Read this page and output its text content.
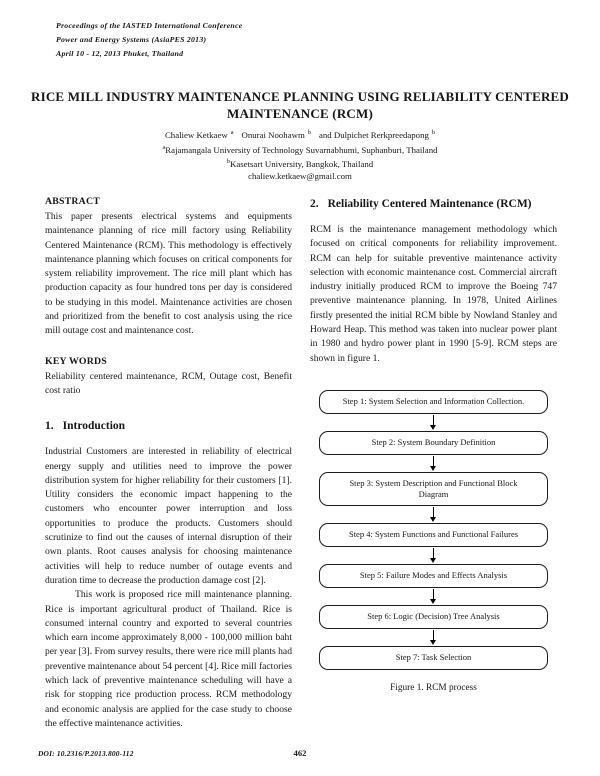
Proceedings of the IASTED International Conference
Power and Energy Systems (AsiaPES 2013)
April 10 - 12, 2013 Phuket, Thailand
RICE MILL INDUSTRY MAINTENANCE PLANNING USING RELIABILITY CENTERED MAINTENANCE (RCM)
Chaliew Ketkaew $^a$ Onurai Noohawm $^b$ and Dulpichet Rerkpreedapong $^b$
$^a$Rajamangala University of Technology Suvarnabhumi, Suphanburi, Thailand
$^b$Kasetsart University, Bangkok, Thailand
chaliew.ketkaew@gmail.com
ABSTRACT

This paper presents electrical systems and equipments maintenance planning of rice mill factory using Reliability Centered Maintenance (RCM). This methodology is effectively maintenance planning which focuses on critical components for system reliability improvement. The rice mill plant which has production capacity as four hundred tons per day is considered to be studying in this model. Maintenance activities are chosen and prioritized from the benefit to cost analysis using the rice mill outage cost and maintenance cost.

KEY WORDS

Reliability centered maintenance, RCM, Outage cost, Benefit cost ratio

1. Introduction

Industrial Customers are interested in reliability of electrical energy supply and utilities need to improve the power distribution system for higher reliability for their customers [1]. Utility considers the economic impact happening to the customers who encounter power interruption and loss opportunities to produce the products. Customers should scrutinize to find out the causes of internal disruption of their own plants. Root causes analysis for choosing maintenance activities will help to reduce number of outage events and duration time to decrease the production damage cost [2].

This work is proposed rice mill maintenance planning. Rice is important agricultural product of Thailand. Rice is consumed internal country and exported to several countries which earn income approximately 8,000 - 100,000 million baht per year [3]. From survey results, there were rice mill plants had preventive maintenance about 54 percent [4]. Rice mill factories which lack of preventive maintenance scheduling will have a risk for stopping rice production process. RCM methodology and economic analysis are applied for the case study to choose the effective maintenance activities.

2. Reliability Centered Maintenance (RCM)

RCM is the maintenance management methodology which focused on critical components for reliability improvement. RCM can help for suitable preventive maintenance activity selection with economic maintenance cost. Commercial aircraft industry initially produced RCM to improve the Boeing 747 preventive maintenance planning. In 1978, United Airlines firstly presented the initial RCM bible by Nowland Stanley and Howard Heap. This method was taken into nuclear power plant in 1980 and hydro power plant in 1990 [5-9]. RCM steps are shown in figure 1.

Step 1: System Selection and Information Collection.
Step 2: System Boundary Definition
Step 3: System Description and Functional Block Diagram
Step 4: System Functions and Functional Failures
Step 5: Failure Modes and Effects Analysis
Step 6: Logic (Decision) Tree Analysis
Step 7: Task Selection
Figure 1. RCM process
DOI: 10.2316/P.2013.800-112	462
